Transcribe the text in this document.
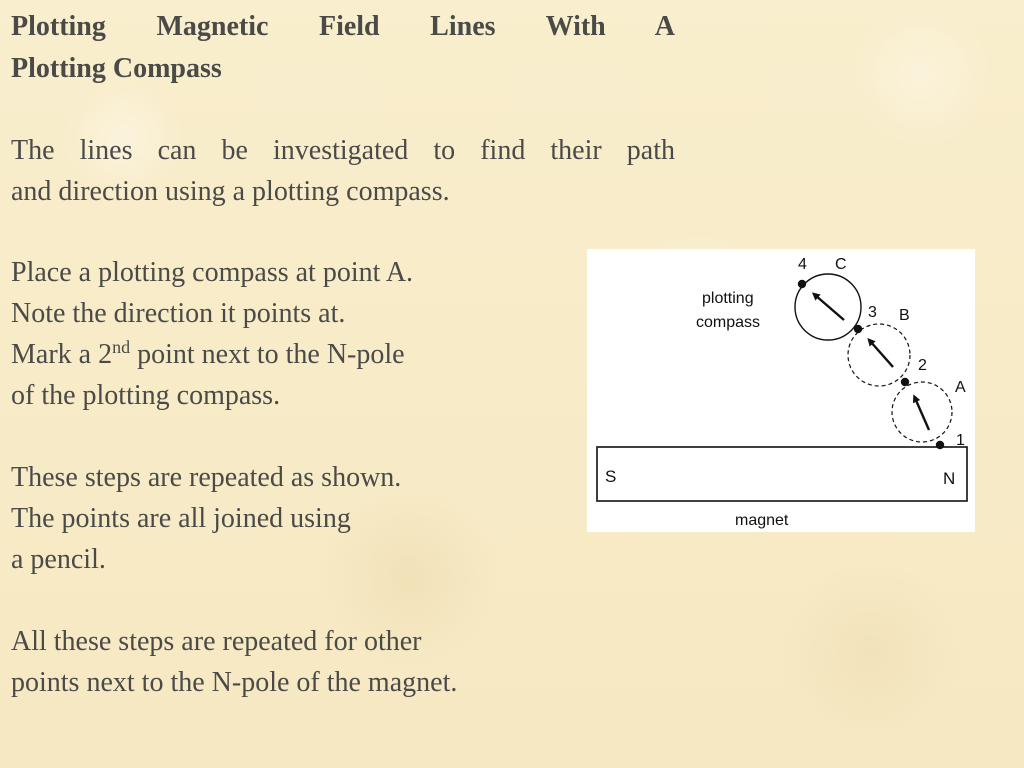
Plotting Magnetic Field Lines With A
Plotting Compass

The lines can be investigated to find their path
and direction using a plotting compass.

Place a plotting compass at point A.
Note the direction it points at.
Mark a 2nd point next to the N-pole
of the plotting compass.

These steps are repeated as shown.
The points are all joined using
a pencil.

All these steps are repeated for other
points next to the N-pole of the magnet.

S	N
magnet
1
2
3
4
A
B
C
plotting
compass
